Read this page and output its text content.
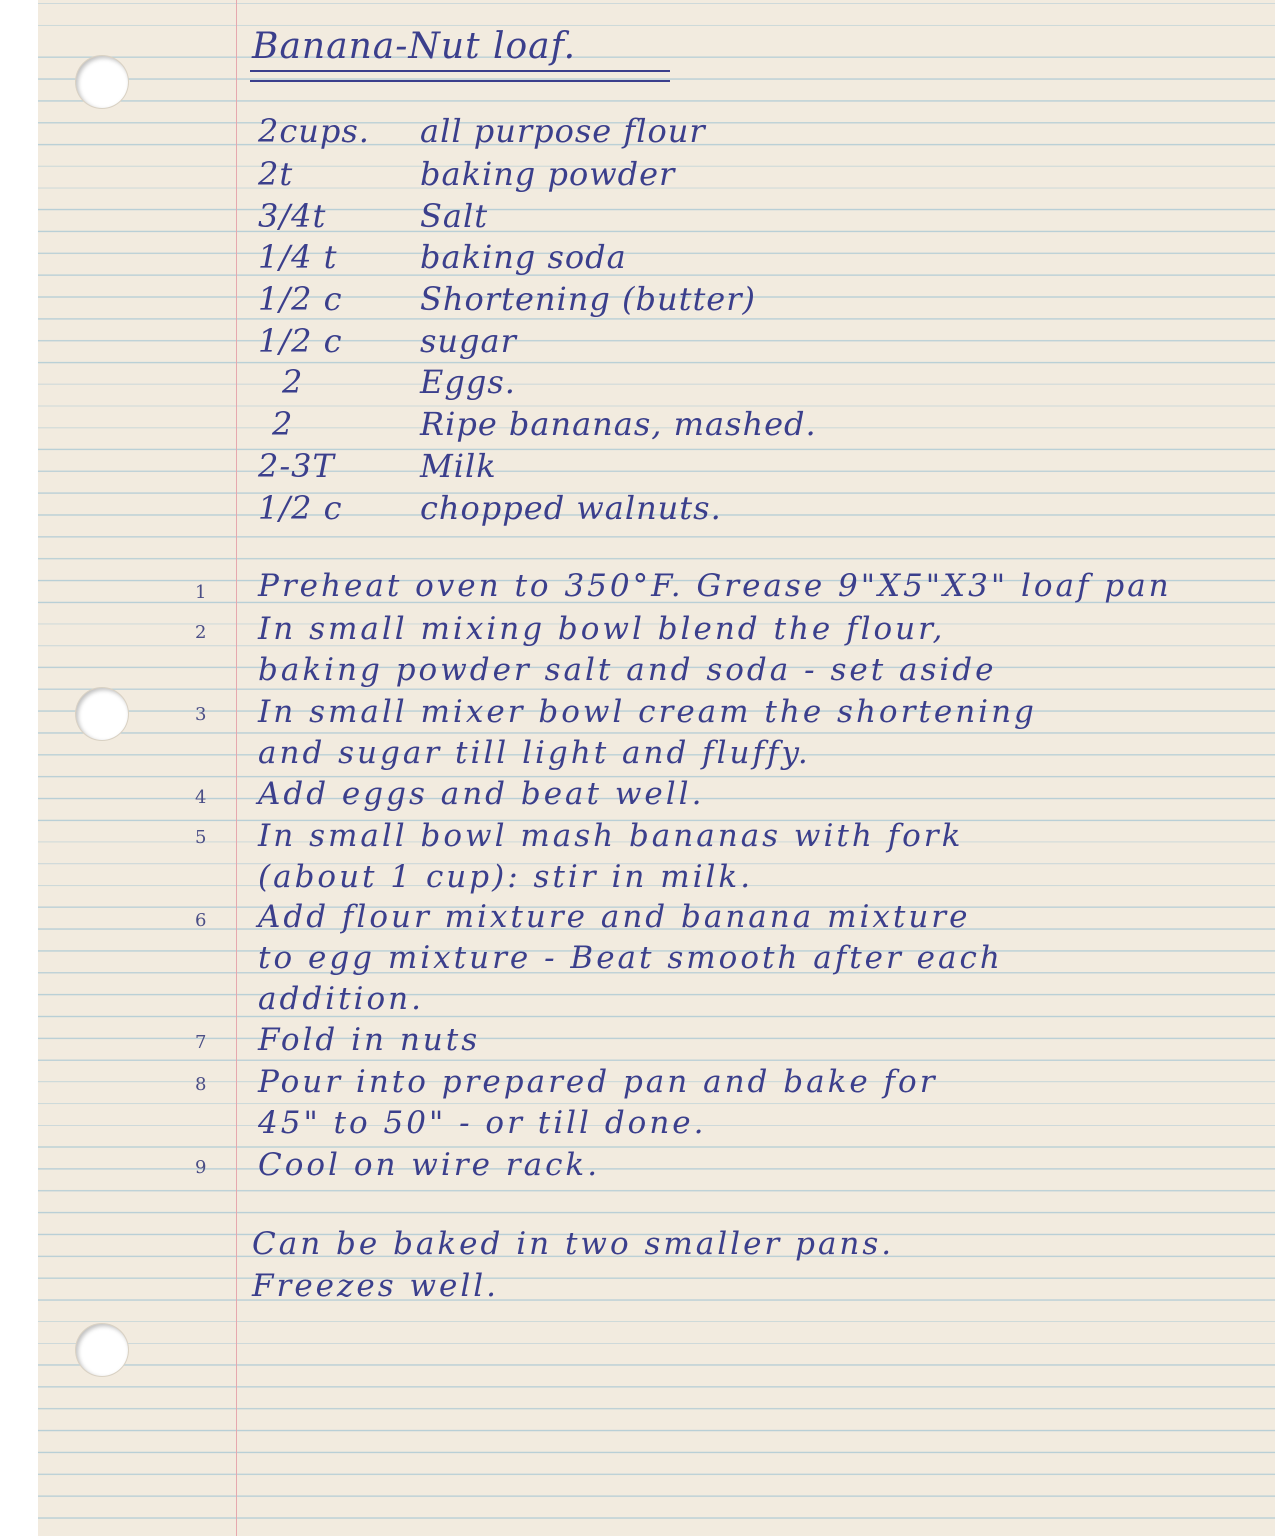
Banana-Nut loaf.
2cups. all purpose flour
2t	baking powder
3/4t	Salt
1/4 t	baking soda
1/2 c Shortening (butter)
1/2 c sugar
2	Eggs.
2	Ripe bananas, mashed.
2-3T	Milk
1/2 c chopped walnuts.
1 Preheat oven to 350°F. Grease 9"X5"X3" loaf pan
2 In small mixing bowl blend the flour,
baking powder salt and soda - set aside
3 In small mixer bowl cream the shortening
and sugar till light and fluffy.
4 Add eggs and beat well.
5 In small bowl mash bananas with fork
(about 1 cup): stir in milk.
6 Add flour mixture and banana mixture
to egg mixture - Beat smooth after each
addition.
7 Fold in nuts
8 Pour into prepared pan and bake for
45" to 50" - or till done.
9 Cool on wire rack.
Can be baked in two smaller pans.
Freezes well.
